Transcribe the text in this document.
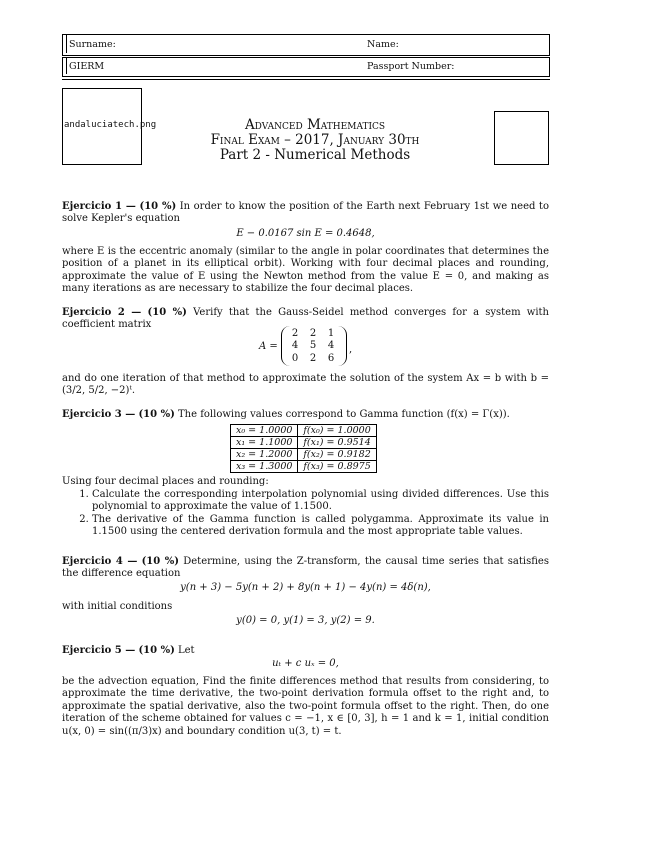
Surname:	Name:
GIERM	Passport Number:
andaluciatech.png	Advanced Mathematics
Final Exam – 2017, January 30th
Part 2 - Numerical Methods
Ejercicio 1 — (10 %) In order to know the position of the Earth next February 1st we need to solve Kepler's equation
E − 0.0167 sin E = 0.4648,
where E is the eccentric anomaly (similar to the angle in polar coordinates that determines the position of a planet in its elliptical orbit). Working with four decimal places and rounding, approximate the value of E using the Newton method from the value E = 0, and making as many iterations as are necessary to stabilize the four decimal places.
Ejercicio 2 — (10 %) Verify that the Gauss-Seidel method converges for a system with coefficient matrix
A =
2	2	1
4	5	4
0	2	6
,
and do one iteration of that method to approximate the solution of the system Ax = b with b = (3/2, 5/2, −2)ᵗ.
Ejercicio 3 — (10 %) The following values correspond to Gamma function (f(x) = Γ(x)).
x₀ = 1.0000	f(x₀) = 1.0000
x₁ = 1.1000	f(x₁) = 0.9514
x₂ = 1.2000	f(x₂) = 0.9182
x₃ = 1.3000	f(x₃) = 0.8975
Using four decimal places and rounding:
1. Calculate the corresponding interpolation polynomial using divided differences. Use this polynomial to approximate the value of 1.1500.
2. The derivative of the Gamma function is called polygamma. Approximate its value in 1.1500 using the centered derivation formula and the most appropriate table values.
Ejercicio 4 — (10 %) Determine, using the Z-transform, the causal time series that satisfies the difference equation
y(n + 3) − 5y(n + 2) + 8y(n + 1) − 4y(n) = 4δ(n),
with initial conditions
y(0) = 0, y(1) = 3, y(2) = 9.
Ejercicio 5 — (10 %) Let
uₜ + c uₓ = 0,
be the advection equation, Find the finite differences method that results from considering, to approximate the time derivative, the two-point derivation formula offset to the right and, to approximate the spatial derivative, also the two-point formula offset to the right. Then, do one iteration of the scheme obtained for values c = −1, x ∈ [0, 3], h = 1 and k = 1, initial condition u(x, 0) = sin((π/3)x) and boundary condition u(3, t) = t.
